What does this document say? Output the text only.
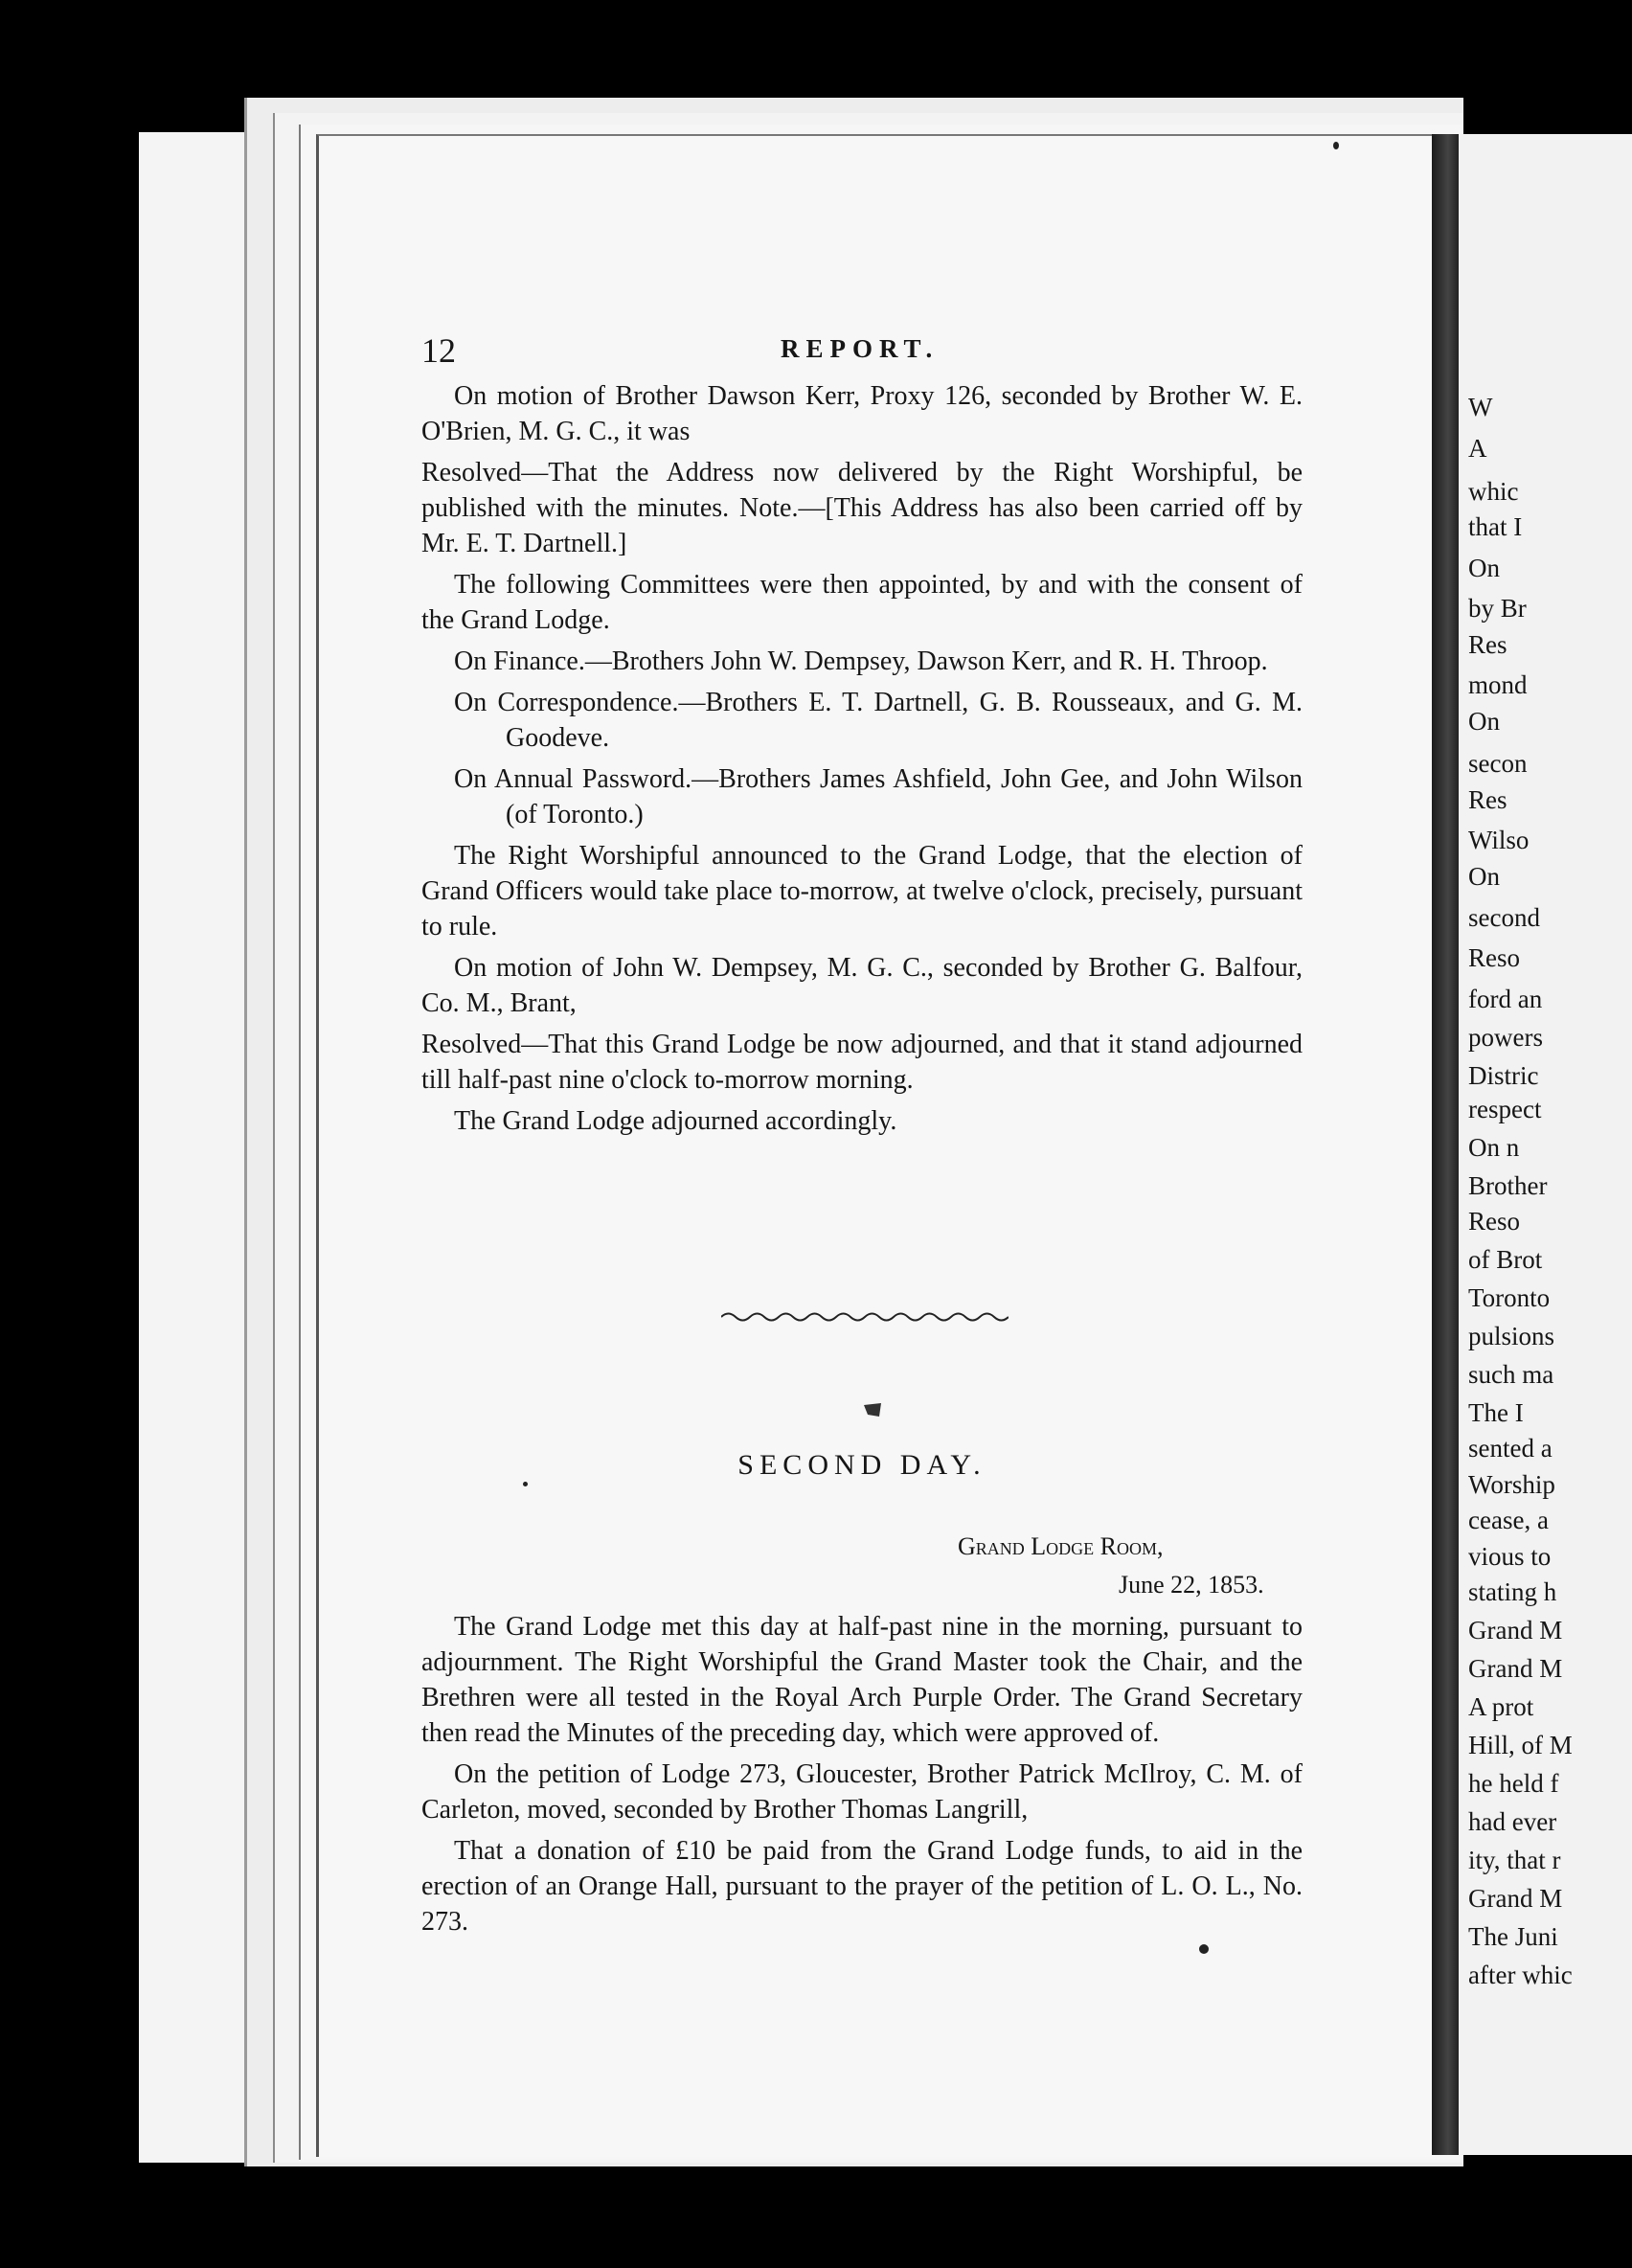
W
A
whic
that I
On
by Br
Res
mond
On
secon
Res
Wilso
On
second
Reso
ford an
powers
Distric
respect
On n
Brother
Reso
of Brot
Toronto
pulsions
such ma
The I
sented a
Worship
cease, a
vious to
stating h
Grand M
Grand M
A prot
Hill, of M
he held f
had ever
ity, that r
Grand M
The Juni
after whic
12	REPORT.

On motion of Brother Dawson Kerr, Proxy 126, seconded by Brother W. E. O'Brien, M. G. C., it was

Resolved—That the Address now delivered by the Right Worshipful, be published with the minutes. Note.—[This Address has also been carried off by Mr. E. T. Dartnell.]

The following Committees were then appointed, by and with the consent of the Grand Lodge.

On Finance.—Brothers John W. Dempsey, Dawson Kerr, and R. H. Throop.

On Correspondence.—Brothers E. T. Dartnell, G. B. Rousseaux, and G. M. Goodeve.

On Annual Password.—Brothers James Ashfield, John Gee, and John Wilson (of Toronto.)

The Right Worshipful announced to the Grand Lodge, that the election of Grand Officers would take place to-morrow, at twelve o'clock, precisely, pursuant to rule.

On motion of John W. Dempsey, M. G. C., seconded by Brother G. Balfour, Co. M., Brant,

Resolved—That this Grand Lodge be now adjourned, and that it stand adjourned till half-past nine o'clock to-morrow morning.

The Grand Lodge adjourned accordingly.

SECOND DAY.
Grand Lodge Room,
June 22, 1853.

The Grand Lodge met this day at half-past nine in the morning, pursuant to adjournment. The Right Worshipful the Grand Master took the Chair, and the Brethren were all tested in the Royal Arch Purple Order. The Grand Secretary then read the Minutes of the preceding day, which were approved of.

On the petition of Lodge 273, Gloucester, Brother Patrick McIlroy, C. M. of Carleton, moved, seconded by Brother Thomas Langrill,

That a donation of £10 be paid from the Grand Lodge funds, to aid in the erection of an Orange Hall, pursuant to the prayer of the petition of L. O. L., No. 273.
